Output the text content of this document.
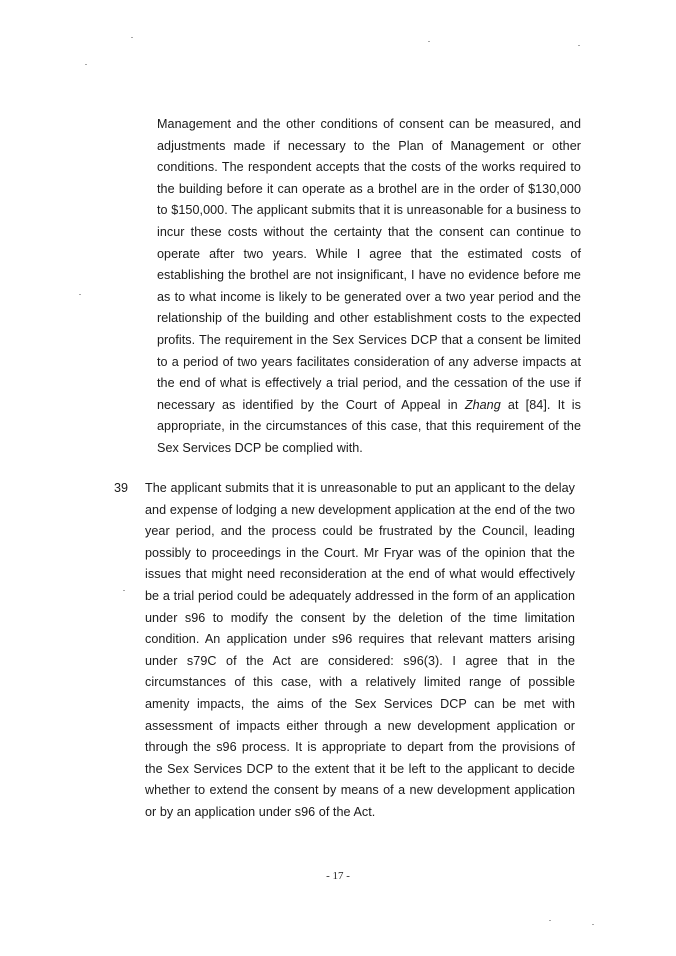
Management and the other conditions of consent can be measured, and adjustments made if necessary to the Plan of Management or other conditions. The respondent accepts that the costs of the works required to the building before it can operate as a brothel are in the order of $130,000 to $150,000. The applicant submits that it is unreasonable for a business to incur these costs without the certainty that the consent can continue to operate after two years. While I agree that the estimated costs of establishing the brothel are not insignificant, I have no evidence before me as to what income is likely to be generated over a two year period and the relationship of the building and other establishment costs to the expected profits. The requirement in the Sex Services DCP that a consent be limited to a period of two years facilitates consideration of any adverse impacts at the end of what is effectively a trial period, and the cessation of the use if necessary as identified by the Court of Appeal in Zhang at [84]. It is appropriate, in the circumstances of this case, that this requirement of the Sex Services DCP be complied with.

39 The applicant submits that it is unreasonable to put an applicant to the delay and expense of lodging a new development application at the end of the two year period, and the process could be frustrated by the Council, leading possibly to proceedings in the Court. Mr Fryar was of the opinion that the issues that might need reconsideration at the end of what would effectively be a trial period could be adequately addressed in the form of an application under s96 to modify the consent by the deletion of the time limitation condition. An application under s96 requires that relevant matters arising under s79C of the Act are considered: s96(3). I agree that in the circumstances of this case, with a relatively limited range of possible amenity impacts, the aims of the Sex Services DCP can be met with assessment of impacts either through a new development application or through the s96 process. It is appropriate to depart from the provisions of the Sex Services DCP to the extent that it be left to the applicant to decide whether to extend the consent by means of a new development application or by an application under s96 of the Act.

- 17 -
